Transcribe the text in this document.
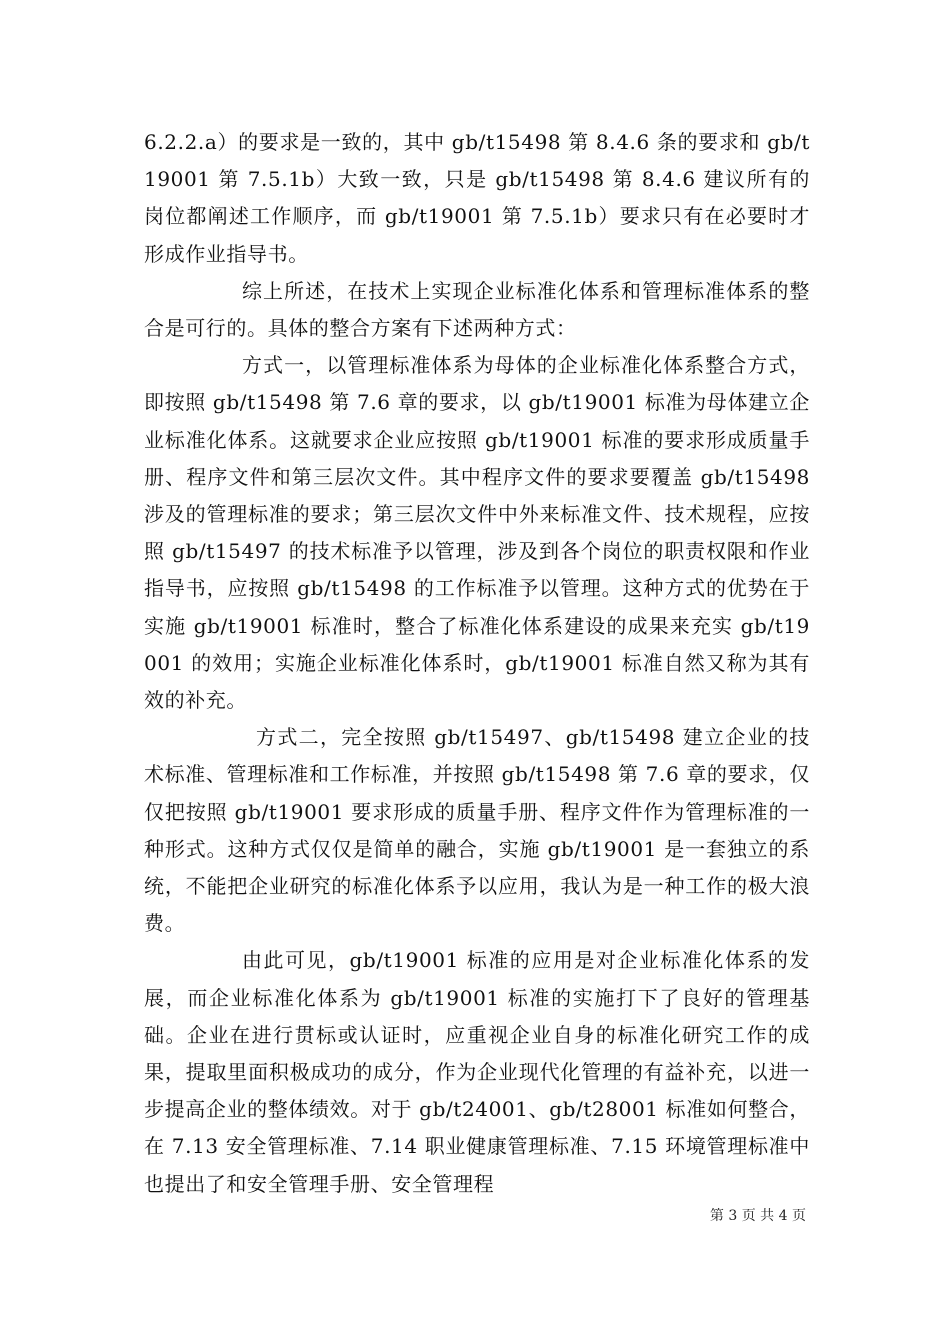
6.2.2.a）的要求是一致的，其中 gb/t15498 第 8.4.6 条的要求和 gb/t19001 第 7.5.1b）大致一致，只是 gb/t15498 第 8.4.6 建议所有的岗位都阐述工作顺序，而 gb/t19001 第 7.5.1b）要求只有在必要时才形成作业指导书。

综上所述，在技术上实现企业标准化体系和管理标准体系的整合是可行的。具体的整合方案有下述两种方式：

方式一，以管理标准体系为母体的企业标准化体系整合方式，即按照 gb/t15498 第 7.6 章的要求，以 gb/t19001 标准为母体建立企业标准化体系。这就要求企业应按照 gb/t19001 标准的要求形成质量手册、程序文件和第三层次文件。其中程序文件的要求要覆盖 gb/t15498 涉及的管理标准的要求；第三层次文件中外来标准文件、技术规程，应按照 gb/t15497 的技术标准予以管理，涉及到各个岗位的职责权限和作业指导书，应按照 gb/t15498 的工作标准予以管理。这种方式的优势在于实施 gb/t19001 标准时，整合了标准化体系建设的成果来充实 gb/t19001 的效用；实施企业标准化体系时，gb/t19001 标准自然又称为其有效的补充。

方式二，完全按照 gb/t15497、gb/t15498 建立企业的技术标准、管理标准和工作标准，并按照 gb/t15498 第 7.6 章的要求，仅仅把按照 gb/t19001 要求形成的质量手册、程序文件作为管理标准的一种形式。这种方式仅仅是简单的融合，实施 gb/t19001 是一套独立的系统，不能把企业研究的标准化体系予以应用，我认为是一种工作的极大浪费。

由此可见，gb/t19001 标准的应用是对企业标准化体系的发展，而企业标准化体系为 gb/t19001 标准的实施打下了良好的管理基础。企业在进行贯标或认证时，应重视企业自身的标准化研究工作的成果，提取里面积极成功的成分，作为企业现代化管理的有益补充，以进一步提高企业的整体绩效。对于 gb/t24001、gb/t28001 标准如何整合，在 7.13 安全管理标准、7.14 职业健康管理标准、7.15 环境管理标准中也提出了和安全管理手册、安全管理程

第 3 页 共 4 页
